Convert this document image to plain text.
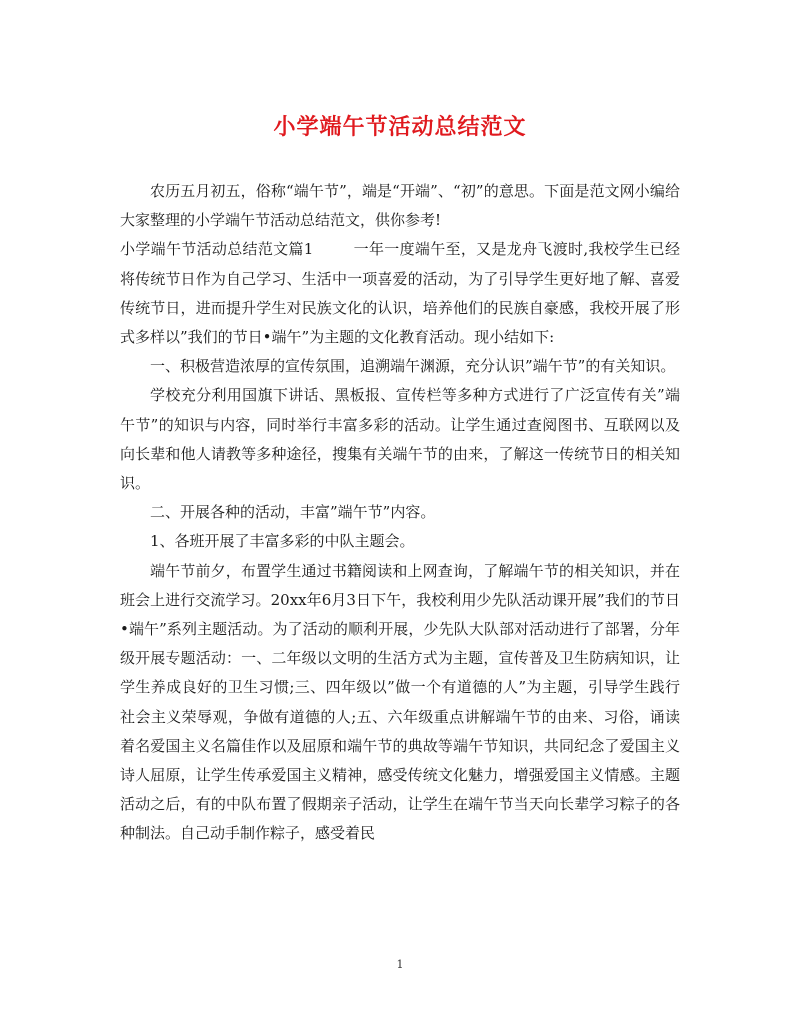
小学端午节活动总结范文

农历五月初五，俗称“端午节”，端是“开端”、“初”的意思。下面是范文网小编给大家整理的小学端午节活动总结范文，供你参考!

小学端午节活动总结范文篇1	一年一度端午至，又是龙舟飞渡时,我校学生已经将传统节日作为自己学习、生活中一项喜爱的活动，为了引导学生更好地了解、喜爱传统节日，进而提升学生对民族文化的认识，培养他们的民族自豪感，我校开展了形式多样以”我们的节日•端午”为主题的文化教育活动。现小结如下:

一、积极营造浓厚的宣传氛围，追溯端午渊源，充分认识”端午节”的有关知识。

学校充分利用国旗下讲话、黑板报、宣传栏等多种方式进行了广泛宣传有关”端午节”的知识与内容，同时举行丰富多彩的活动。让学生通过查阅图书、互联网以及向长辈和他人请教等多种途径，搜集有关端午节的由来，了解这一传统节日的相关知识。

二、开展各种的活动，丰富”端午节”内容。

1、各班开展了丰富多彩的中队主题会。

端午节前夕，布置学生通过书籍阅读和上网查询，了解端午节的相关知识，并在班会上进行交流学习。20xx年6月3日下午，我校利用少先队活动课开展”我们的节日•端午”系列主题活动。为了活动的顺利开展，少先队大队部对活动进行了部署，分年级开展专题活动：一、二年级以文明的生活方式为主题，宣传普及卫生防病知识，让学生养成良好的卫生习惯;三、四年级以”做一个有道德的人”为主题，引导学生践行社会主义荣辱观，争做有道德的人;五、六年级重点讲解端午节的由来、习俗，诵读着名爱国主义名篇佳作以及屈原和端午节的典故等端午节知识，共同纪念了爱国主义诗人屈原，让学生传承爱国主义精神，感受传统文化魅力，增强爱国主义情感。主题活动之后，有的中队布置了假期亲子活动，让学生在端午节当天向长辈学习粽子的各种制法。自己动手制作粽子，感受着民

1
